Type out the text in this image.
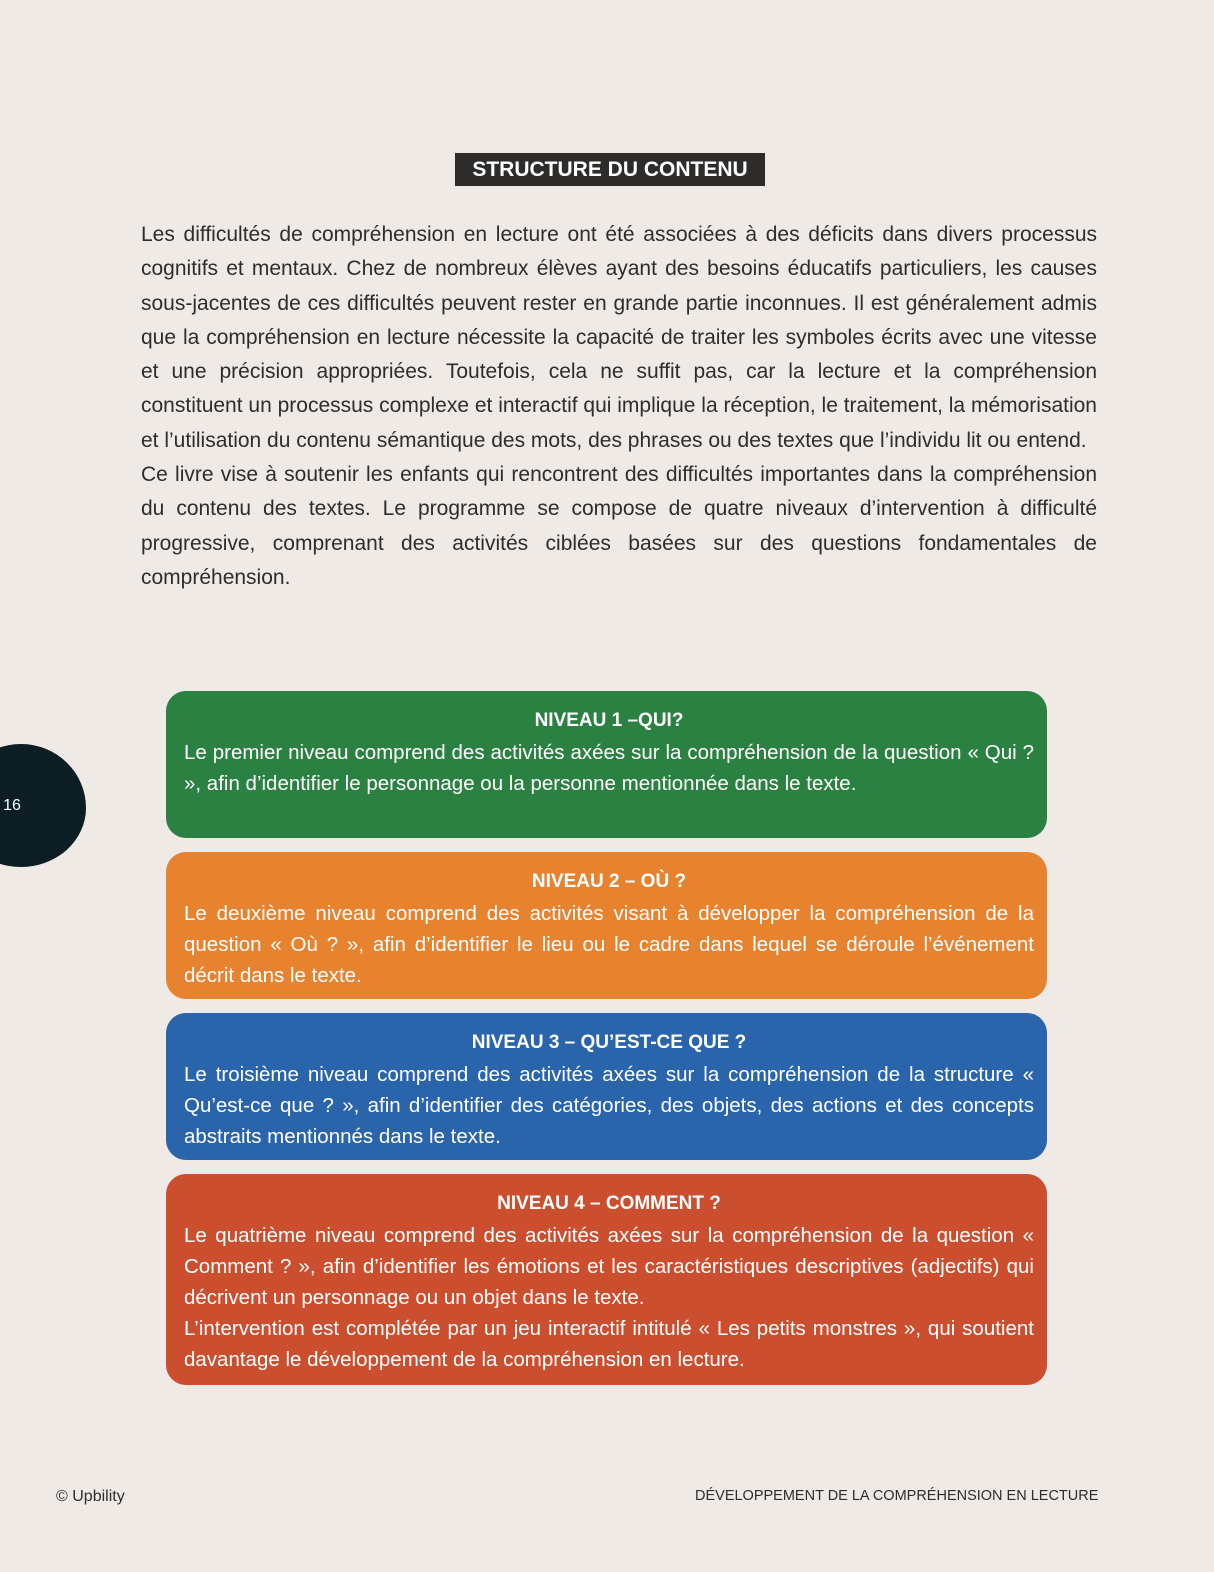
STRUCTURE DU CONTENU

Les difficultés de compréhension en lecture ont été associées à des déficits dans divers processus cognitifs et mentaux. Chez de nombreux élèves ayant des besoins éducatifs particuliers, les causes sous-jacentes de ces difficultés peuvent rester en grande partie inconnues. Il est généralement admis que la compréhension en lecture nécessite la capacité de traiter les symboles écrits avec une vitesse et une précision appropriées. Toutefois, cela ne suffit pas, car la lecture et la compréhension constituent un processus complexe et interactif qui implique la réception, le traitement, la mémorisation et l’utilisation du contenu sémantique des mots, des phrases ou des textes que l’individu lit ou entend.

Ce livre vise à soutenir les enfants qui rencontrent des difficultés importantes dans la compréhension du contenu des textes. Le programme se compose de quatre niveaux d’intervention à difficulté progressive, comprenant des activités ciblées basées sur des questions fondamentales de compréhension.

NIVEAU 1 –QUI?
Le premier niveau comprend des activités axées sur la compréhension de la question « Qui ? », afin d’identifier le personnage ou la personne mentionnée dans le texte.
NIVEAU 2 – OÙ ?
Le deuxième niveau comprend des activités visant à développer la compréhension de la question « Où ? », afin d’identifier le lieu ou le cadre dans lequel se déroule l’événement décrit dans le texte.
NIVEAU 3 – QU’EST-CE QUE ?
Le troisième niveau comprend des activités axées sur la compréhension de la structure « Qu’est-ce que ? », afin d’identifier des catégories, des objets, des actions et des concepts abstraits mentionnés dans le texte.
NIVEAU 4 – COMMENT ?
Le quatrième niveau comprend des activités axées sur la compréhension de la question « Comment ? », afin d’identifier les émotions et les caractéristiques descriptives (adjectifs) qui décrivent un personnage ou un objet dans le texte.
L’intervention est complétée par un jeu interactif intitulé « Les petits monstres », qui soutient davantage le développement de la compréhension en lecture.
16
© Upbility	DÉVELOPPEMENT DE LA COMPRÉHENSION EN LECTURE
